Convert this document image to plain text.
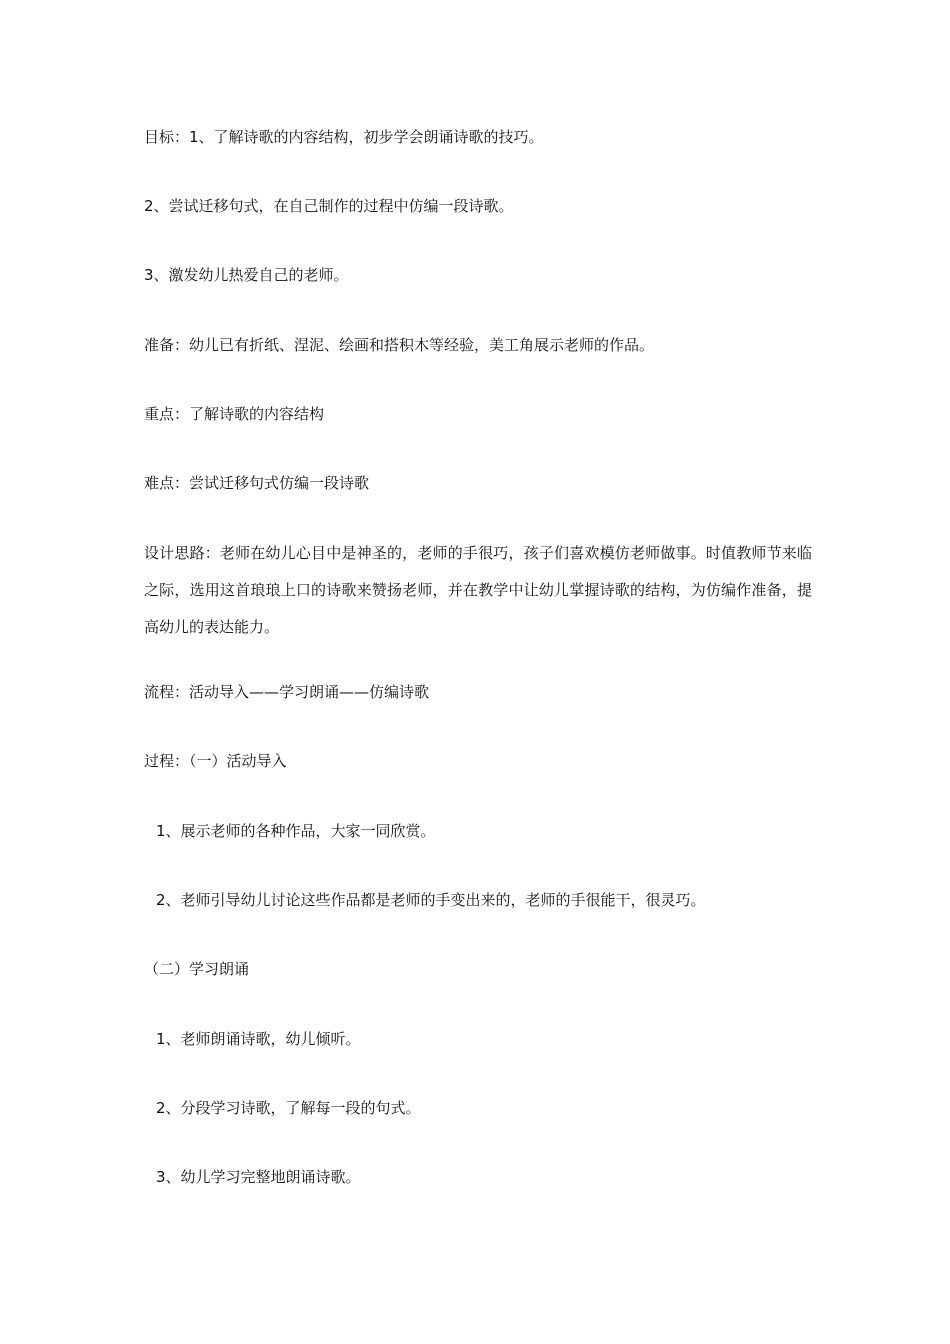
目标：1、了解诗歌的内容结构，初步学会朗诵诗歌的技巧。
2、尝试迁移句式，在自己制作的过程中仿编一段诗歌。
3、激发幼儿热爱自己的老师。
准备：幼儿已有折纸、涅泥、绘画和搭积木等经验，美工角展示老师的作品。
重点：了解诗歌的内容结构
难点：尝试迁移句式仿编一段诗歌
设计思路：老师在幼儿心目中是神圣的，老师的手很巧，孩子们喜欢模仿老师做事。时值教师节来临之际，选用这首琅琅上口的诗歌来赞扬老师，并在教学中让幼儿掌握诗歌的结构，为仿编作准备，提高幼儿的表达能力。
流程：活动导入——学习朗诵——仿编诗歌
过程：（一）活动导入
1、展示老师的各种作品，大家一同欣赏。
2、老师引导幼儿讨论这些作品都是老师的手变出来的，老师的手很能干，很灵巧。
（二）学习朗诵
1、老师朗诵诗歌，幼儿倾听。
2、分段学习诗歌，了解每一段的句式。
3、幼儿学习完整地朗诵诗歌。
